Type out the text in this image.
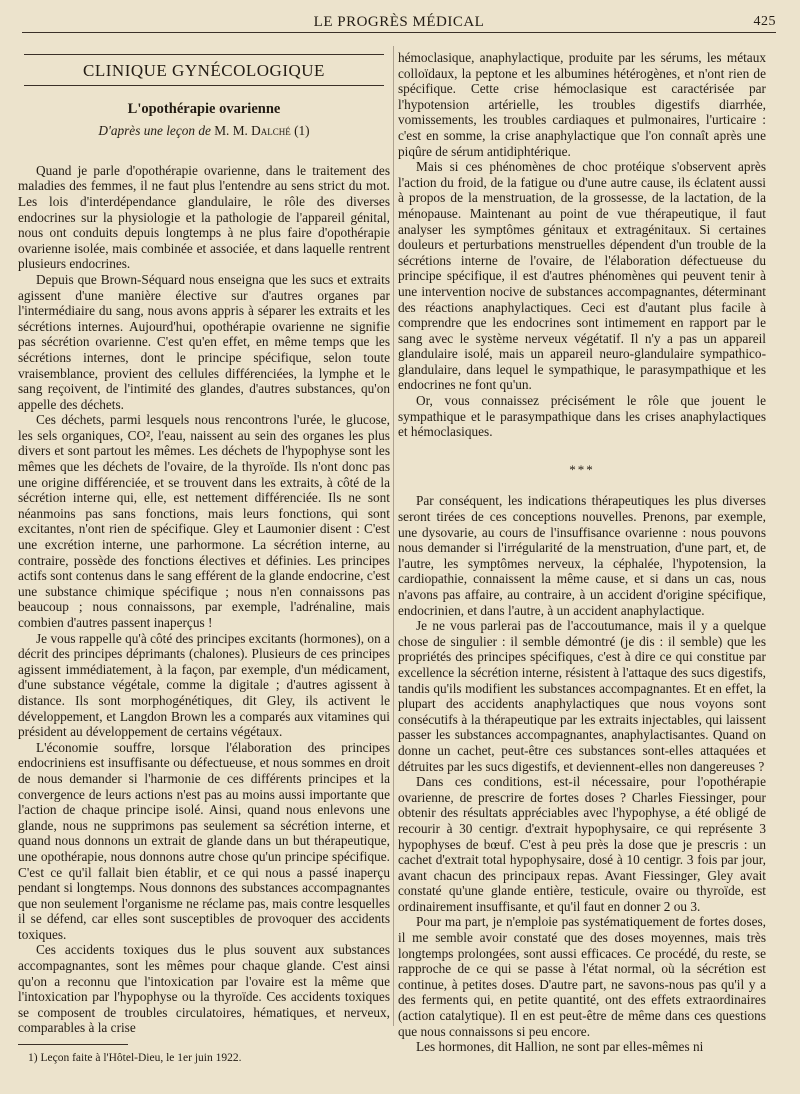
LE PROGRÈS MÉDICAL	425
CLINIQUE GYNÉCOLOGIQUE
L'opothérapie ovarienne
D'après une leçon de M. M. Dalché (1)

Quand je parle d'opothérapie ovarienne, dans le traitement des maladies des femmes, il ne faut plus l'entendre au sens strict du mot. Les lois d'interdépendance glandulaire, le rôle des diverses endocrines sur la physiologie et la pathologie de l'appareil génital, nous ont conduits depuis longtemps à ne plus faire d'opothérapie ovarienne isolée, mais combinée et associée, et dans laquelle rentrent plusieurs endocrines.

Depuis que Brown-Séquard nous enseigna que les sucs et extraits agissent d'une manière élective sur d'autres organes par l'intermédiaire du sang, nous avons appris à séparer les extraits et les sécrétions internes. Aujourd'hui, opothérapie ovarienne ne signifie pas sécrétion ovarienne. C'est qu'en effet, en même temps que les sécrétions internes, dont le principe spécifique, selon toute vraisemblance, provient des cellules différenciées, la lymphe et le sang reçoivent, de l'intimité des glandes, d'autres substances, qu'on appelle des déchets.

Ces déchets, parmi lesquels nous rencontrons l'urée, le glucose, les sels organiques, CO², l'eau, naissent au sein des organes les plus divers et sont partout les mêmes. Les déchets de l'hypophyse sont les mêmes que les déchets de l'ovaire, de la thyroïde. Ils n'ont donc pas une origine différenciée, et se trouvent dans les extraits, à côté de la sécrétion interne qui, elle, est nettement différenciée. Ils ne sont néanmoins pas sans fonctions, mais leurs fonctions, qui sont excitantes, n'ont rien de spécifique. Gley et Laumonier disent : C'est une excrétion interne, une parhormone. La sécrétion interne, au contraire, possède des fonctions électives et définies. Les principes actifs sont contenus dans le sang efférent de la glande endocrine, c'est une substance chimique spécifique ; nous n'en connaissons pas beaucoup ; nous connaissons, par exemple, l'adrénaline, mais combien d'autres passent inaperçus !

Je vous rappelle qu'à côté des principes excitants (hormones), on a décrit des principes déprimants (chalones). Plusieurs de ces principes agissent immédiatement, à la façon, par exemple, d'un médicament, d'une substance végétale, comme la digitale ; d'autres agissent à distance. Ils sont morphogénétiques, dit Gley, ils activent le développement, et Langdon Brown les a comparés aux vitamines qui président au développement de certains végétaux.

L'économie souffre, lorsque l'élaboration des principes endocriniens est insuffisante ou défectueuse, et nous sommes en droit de nous demander si l'harmonie de ces différents principes et la convergence de leurs actions n'est pas au moins aussi importante que l'action de chaque principe isolé. Ainsi, quand nous enlevons une glande, nous ne supprimons pas seulement sa sécrétion interne, et quand nous donnons un extrait de glande dans un but thérapeutique, une opothérapie, nous donnons autre chose qu'un principe spécifique. C'est ce qu'il fallait bien établir, et ce qui nous a passé inaperçu pendant si longtemps. Nous donnons des substances accompagnantes que non seulement l'organisme ne réclame pas, mais contre lesquelles il se défend, car elles sont susceptibles de provoquer des accidents toxiques.

Ces accidents toxiques dus le plus souvent aux substances accompagnantes, sont les mêmes pour chaque glande. C'est ainsi qu'on a reconnu que l'intoxication par l'ovaire est la même que l'intoxication par l'hypophyse ou la thyroïde. Ces accidents toxiques se composent de troubles circulatoires, hématiques, et nerveux, comparables à la crise

1) Leçon faite à l'Hôtel-Dieu, le 1er juin 1922.

hémoclasique, anaphylactique, produite par les sérums, les métaux colloïdaux, la peptone et les albumines hétérogènes, et n'ont rien de spécifique. Cette crise hémoclasique est caractérisée par l'hypotension artérielle, les troubles digestifs diarrhée, vomissements, les troubles cardiaques et pulmonaires, l'urticaire : c'est en somme, la crise anaphylactique que l'on connaît après une piqûre de sérum antidiphtérique.

Mais si ces phénomènes de choc protéique s'observent après l'action du froid, de la fatigue ou d'une autre cause, ils éclatent aussi à propos de la menstruation, de la grossesse, de la lactation, de la ménopause. Maintenant au point de vue thérapeutique, il faut analyser les symptômes génitaux et extragénitaux. Si certaines douleurs et perturbations menstruelles dépendent d'un trouble de la sécrétions interne de l'ovaire, de l'élaboration défectueuse du principe spécifique, il est d'autres phénomènes qui peuvent tenir à une intervention nocive de substances accompagnantes, déterminant des réactions anaphylactiques. Ceci est d'autant plus facile à comprendre que les endocrines sont intimement en rapport par le sang avec le système nerveux végétatif. Il n'y a pas un appareil glandulaire isolé, mais un appareil neuro-glandulaire sympathico-glandulaire, dans lequel le sympathique, le parasympathique et les endocrines ne font qu'un.

Or, vous connaissez précisément le rôle que jouent le sympathique et le parasympathique dans les crises anaphylactiques et hémoclasiques.

***

Par conséquent, les indications thérapeutiques les plus diverses seront tirées de ces conceptions nouvelles. Prenons, par exemple, une dysovarie, au cours de l'insuffisance ovarienne : nous pouvons nous demander si l'irrégularité de la menstruation, d'une part, et, de l'autre, les symptômes nerveux, la céphalée, l'hypotension, la cardiopathie, connaissent la même cause, et si dans un cas, nous n'avons pas affaire, au contraire, à un accident d'origine spécifique, endocrinien, et dans l'autre, à un accident anaphylactique.

Je ne vous parlerai pas de l'accoutumance, mais il y a quelque chose de singulier : il semble démontré (je dis : il semble) que les propriétés des principes spécifiques, c'est à dire ce qui constitue par excellence la sécrétion interne, résistent à l'attaque des sucs digestifs, tandis qu'ils modifient les substances accompagnantes. Et en effet, la plupart des accidents anaphylactiques que nous voyons sont consécutifs à la thérapeutique par les extraits injectables, qui laissent passer les substances accompagnantes, anaphylactisantes. Quand on donne un cachet, peut-être ces substances sont-elles attaquées et détruites par les sucs digestifs, et deviennent-elles non dangereuses ?

Dans ces conditions, est-il nécessaire, pour l'opothérapie ovarienne, de prescrire de fortes doses ? Charles Fiessinger, pour obtenir des résultats appréciables avec l'hypophyse, a été obligé de recourir à 30 centigr. d'extrait hypophysaire, ce qui représente 3 hypophyses de bœuf. C'est à peu près la dose que je prescris : un cachet d'extrait total hypophysaire, dosé à 10 centigr. 3 fois par jour, avant chacun des principaux repas. Avant Fiessinger, Gley avait constaté qu'une glande entière, testicule, ovaire ou thyroïde, est ordinairement insuffisante, et qu'il faut en donner 2 ou 3.

Pour ma part, je n'emploie pas systématiquement de fortes doses, il me semble avoir constaté que des doses moyennes, mais très longtemps prolongées, sont aussi efficaces. Ce procédé, du reste, se rapproche de ce qui se passe à l'état normal, où la sécrétion est continue, à petites doses. D'autre part, ne savons-nous pas qu'il y a des ferments qui, en petite quantité, ont des effets extraordinaires (action catalytique). Il en est peut-être de même dans ces questions que nous connaissons si peu encore.

Les hormones, dit Hallion, ne sont par elles-mêmes ni
